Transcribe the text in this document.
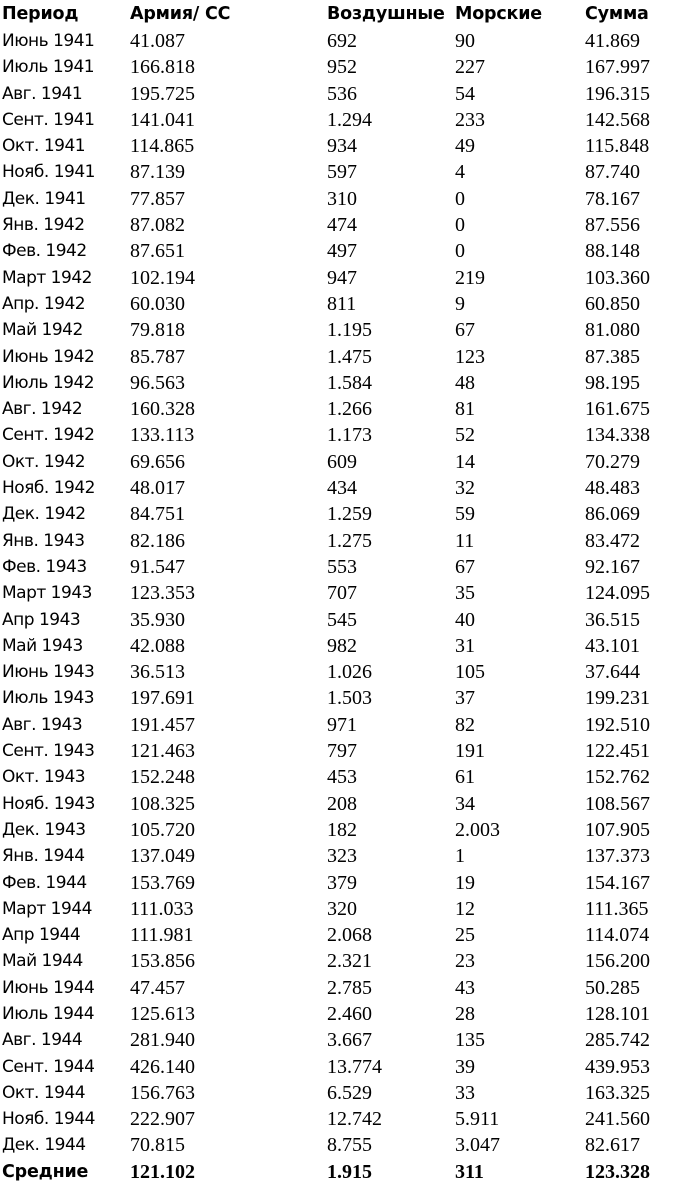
Период	Армия/ СС	Воздушные	Морские	Сумма
Июнь 1941	41.087	692	90	41.869
Июль 1941	166.818	952	227	167.997
Авг. 1941	195.725	536	54	196.315
Сент. 1941	141.041	1.294	233	142.568
Окт. 1941	114.865	934	49	115.848
Нояб. 1941	87.139	597	4	87.740
Дек. 1941	77.857	310	0	78.167
Янв. 1942	87.082	474	0	87.556
Фев. 1942	87.651	497	0	88.148
Март 1942	102.194	947	219	103.360
Апр. 1942	60.030	811	9	60.850
Май 1942	79.818	1.195	67	81.080
Июнь 1942	85.787	1.475	123	87.385
Июль 1942	96.563	1.584	48	98.195
Авг. 1942	160.328	1.266	81	161.675
Сент. 1942	133.113	1.173	52	134.338
Окт. 1942	69.656	609	14	70.279
Нояб. 1942	48.017	434	32	48.483
Дек. 1942	84.751	1.259	59	86.069
Янв. 1943	82.186	1.275	11	83.472
Фев. 1943	91.547	553	67	92.167
Март 1943	123.353	707	35	124.095
Апр 1943	35.930	545	40	36.515
Май 1943	42.088	982	31	43.101
Июнь 1943	36.513	1.026	105	37.644
Июль 1943	197.691	1.503	37	199.231
Авг. 1943	191.457	971	82	192.510
Сент. 1943	121.463	797	191	122.451
Окт. 1943	152.248	453	61	152.762
Нояб. 1943	108.325	208	34	108.567
Дек. 1943	105.720	182	2.003	107.905
Янв. 1944	137.049	323	1	137.373
Фев. 1944	153.769	379	19	154.167
Март 1944	111.033	320	12	111.365
Апр 1944	111.981	2.068	25	114.074
Май 1944	153.856	2.321	23	156.200
Июнь 1944	47.457	2.785	43	50.285
Июль 1944	125.613	2.460	28	128.101
Авг. 1944	281.940	3.667	135	285.742
Сент. 1944	426.140	13.774	39	439.953
Окт. 1944	156.763	6.529	33	163.325
Нояб. 1944	222.907	12.742	5.911	241.560
Дек. 1944	70.815	8.755	3.047	82.617
Средние	121.102	1.915	311	123.328
